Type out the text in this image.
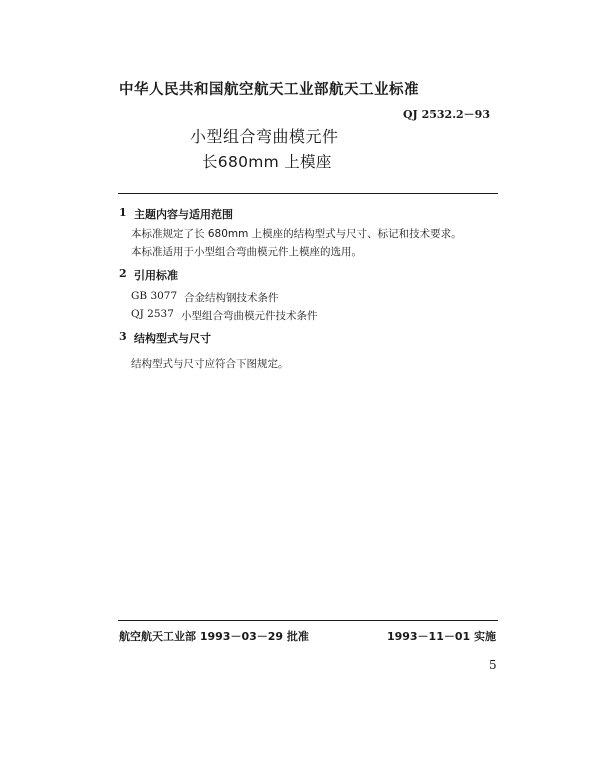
中华人民共和国航空航天工业部航天工业标准
QJ 2532.2－93
小型组合弯曲模元件
长680mm 上模座
1 主题内容与适用范围
本标准规定了长 680mm 上模座的结构型式与尺寸、标记和技术要求。
本标准适用于小型组合弯曲模元件上模座的选用。
2 引用标准
GB 3077 合金结构钢技术条件
QJ 2537 小型组合弯曲模元件技术条件
3 结构型式与尺寸
结构型式与尺寸应符合下图规定。
航空航天工业部 1993－03－29 批准	1993－11－01 实施
5
